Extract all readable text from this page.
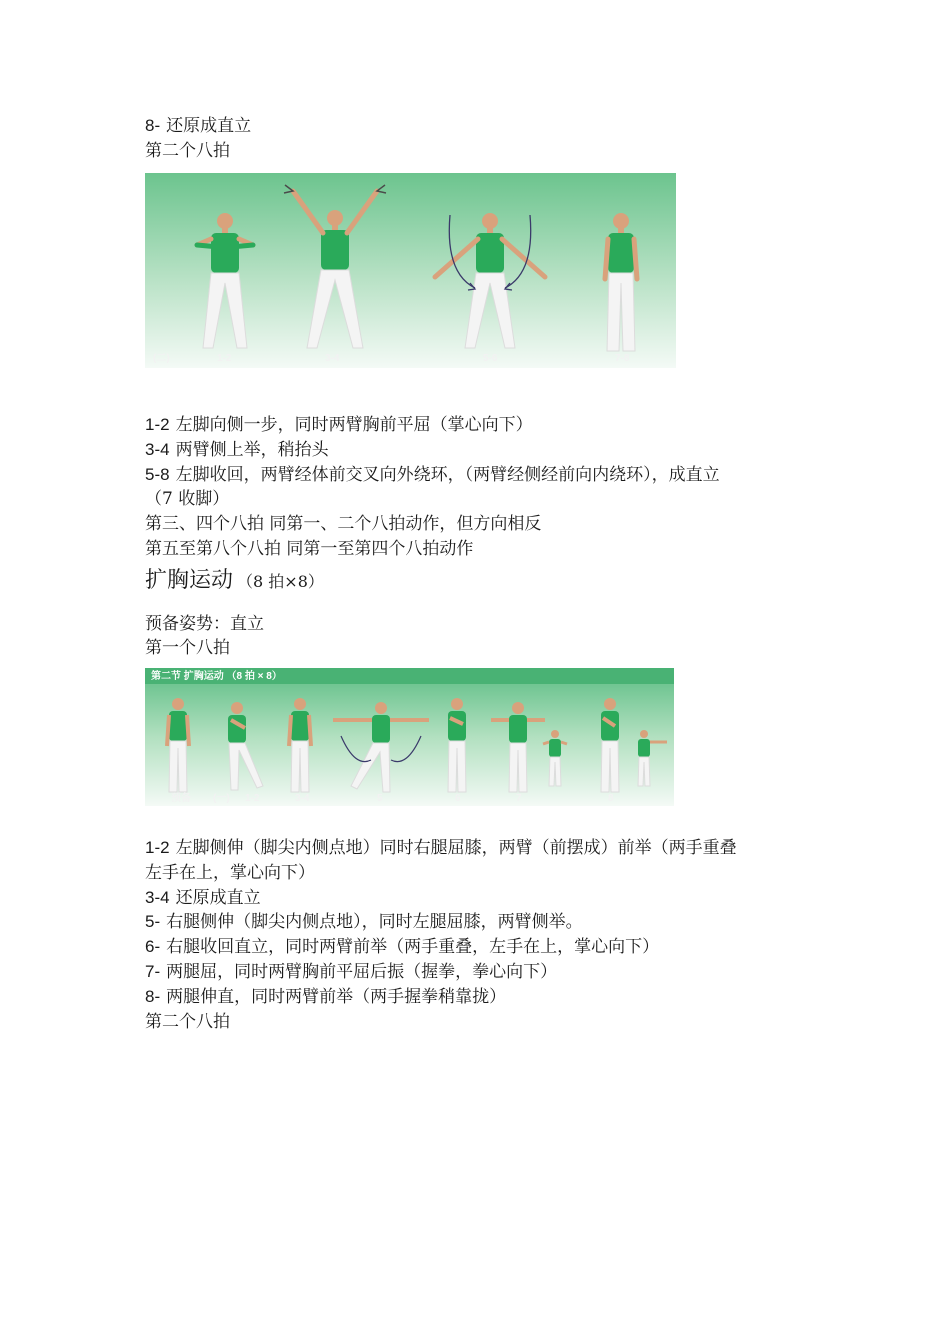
8- 还原成直立
第二个八拍
(二)	1-2	3-4	5-6	7-8
1-2 左脚向侧一步，同时两臂胸前平屈（掌心向下）
3-4 两臂侧上举，稍抬头
5-8 左脚收回，两臂经体前交叉向外绕环，（两臂经侧经前向内绕环），成直立
（7 收脚）
第三、四个八拍 同第一、二个八拍动作，但方向相反
第五至第八个八拍 同第一至第四个八拍动作
扩胸运动 （8 拍×8）
预备姿势：直立
第一个八拍
第二节 扩胸运动 （8 拍 × 8）
预备 (一) 1-2	3-4	5	6	7	8
1-2 左脚侧伸（脚尖内侧点地）同时右腿屈膝，两臂（前摆成）前举（两手重叠
左手在上，掌心向下）
3-4 还原成直立
5- 右腿侧伸（脚尖内侧点地），同时左腿屈膝，两臂侧举。
6- 右腿收回直立，同时两臂前举（两手重叠，左手在上，掌心向下）
7- 两腿屈，同时两臂胸前平屈后振（握拳，拳心向下）
8- 两腿伸直，同时两臂前举（两手握拳稍靠拢）
第二个八拍
